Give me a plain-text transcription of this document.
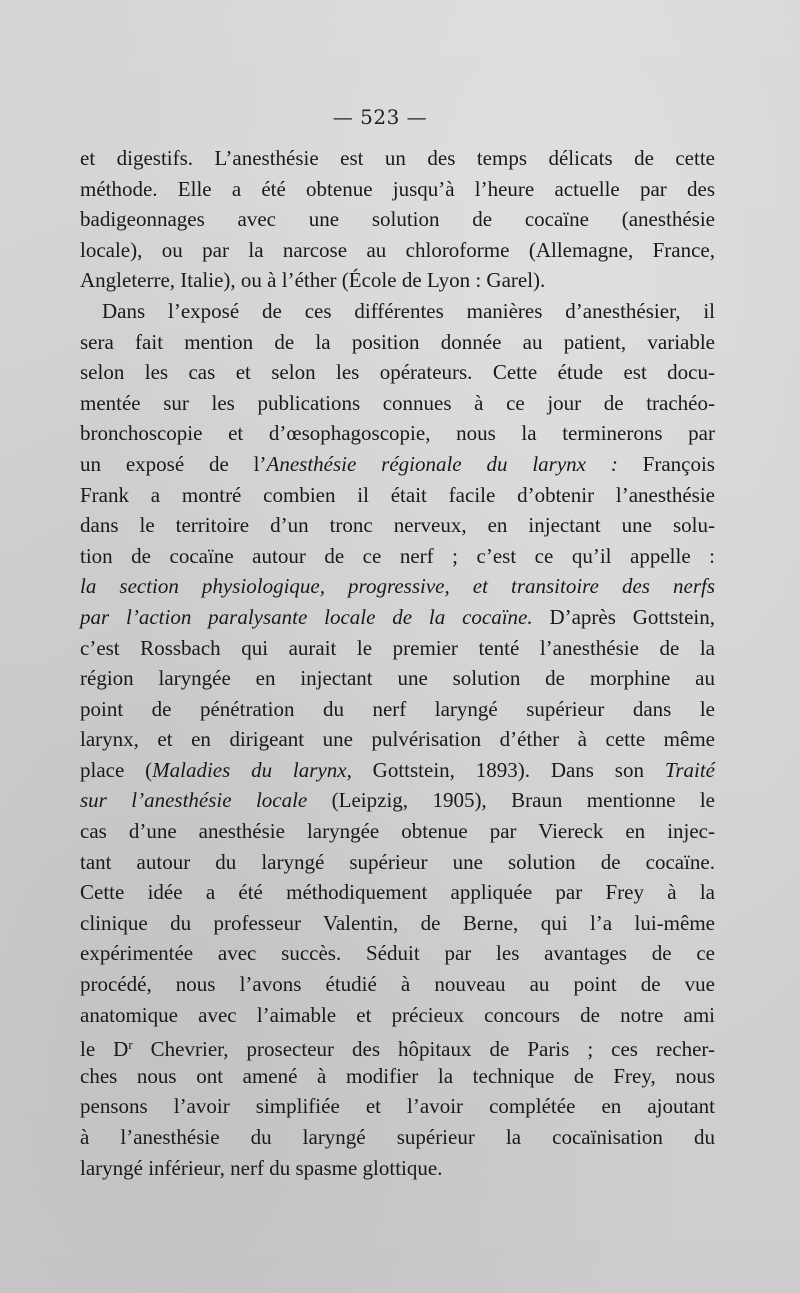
— 523 —
et digestifs. L’anesthésie est un des temps délicats de cette
méthode. Elle a été obtenue jusqu’à l’heure actuelle par des
badigeonnages avec une solution de cocaïne (anesthésie
locale), ou par la narcose au chloroforme (Allemagne, France,
Angleterre, Italie), ou à l’éther (École de Lyon : Garel).
Dans l’exposé de ces différentes manières d’anesthésier, il
sera fait mention de la position donnée au patient, variable
selon les cas et selon les opérateurs. Cette étude est docu-
mentée sur les publications connues à ce jour de trachéo-
bronchoscopie et d’œsophagoscopie, nous la terminerons par
un exposé de l’Anesthésie régionale du larynx : François
Frank a montré combien il était facile d’obtenir l’anesthésie
dans le territoire d’un tronc nerveux, en injectant une solu-
tion de cocaïne autour de ce nerf ; c’est ce qu’il appelle :
la section physiologique, progressive, et transitoire des nerfs
par l’action paralysante locale de la cocaïne. D’après Gottstein,
c’est Rossbach qui aurait le premier tenté l’anesthésie de la
région laryngée en injectant une solution de morphine au
point de pénétration du nerf laryngé supérieur dans le
larynx, et en dirigeant une pulvérisation d’éther à cette même
place (Maladies du larynx, Gottstein, 1893). Dans son Traité
sur l’anesthésie locale (Leipzig, 1905), Braun mentionne le
cas d’une anesthésie laryngée obtenue par Viereck en injec-
tant autour du laryngé supérieur une solution de cocaïne.
Cette idée a été méthodiquement appliquée par Frey à la
clinique du professeur Valentin, de Berne, qui l’a lui-même
expérimentée avec succès. Séduit par les avantages de ce
procédé, nous l’avons étudié à nouveau au point de vue
anatomique avec l’aimable et précieux concours de notre ami
le $D^r$ Chevrier, prosecteur des hôpitaux de Paris ; ces recher-
ches nous ont amené à modifier la technique de Frey, nous
pensons l’avoir simplifiée et l’avoir complétée en ajoutant
à l’anesthésie du laryngé supérieur la cocaïnisation du
laryngé inférieur, nerf du spasme glottique.
